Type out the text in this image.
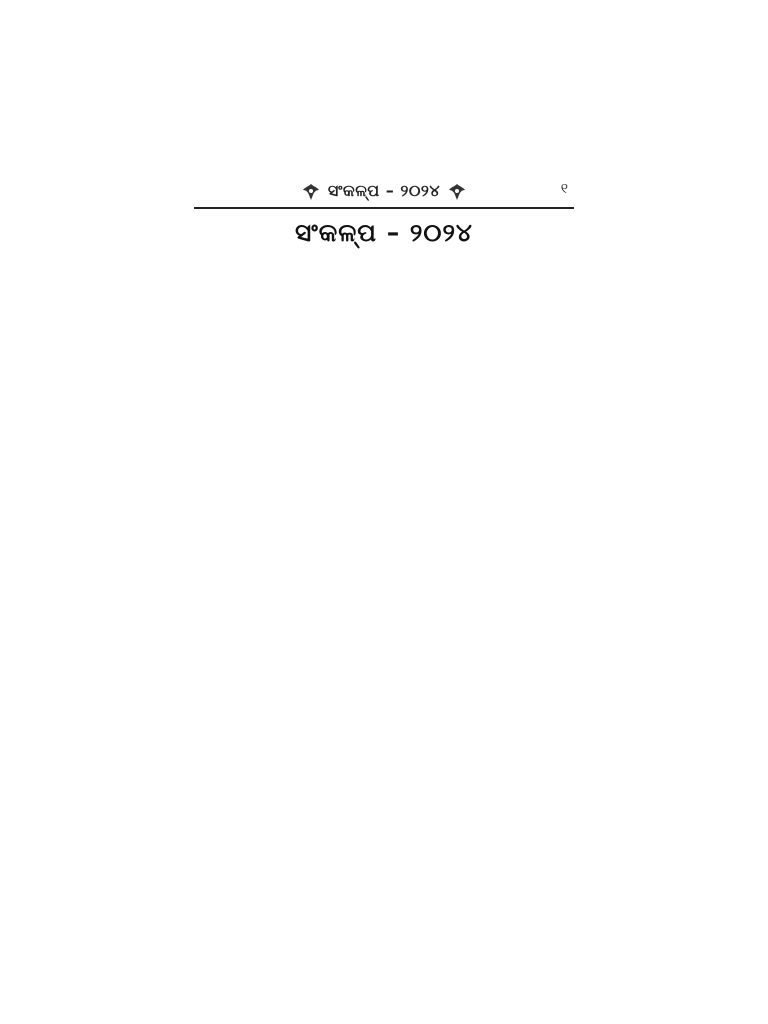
ସଂକଳ୍ପ – ୨୦୨୪	୧
ସଂକଳ୍ପ – ୨୦୨୪
